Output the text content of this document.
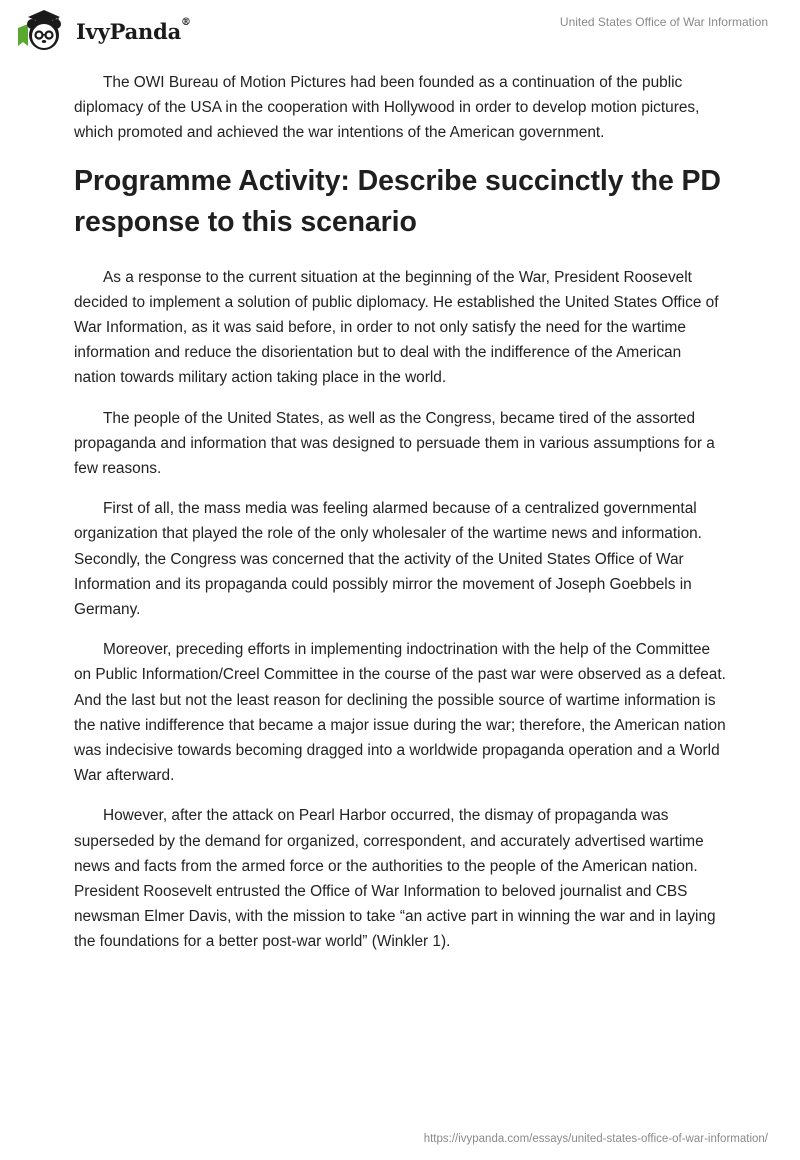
IvyPanda®	United States Office of War Information

The OWI Bureau of Motion Pictures had been founded as a continuation of the public diplomacy of the USA in the cooperation with Hollywood in order to develop motion pictures, which promoted and achieved the war intentions of the American government.

Programme Activity: Describe succinctly the PD response to this scenario

As a response to the current situation at the beginning of the War, President Roosevelt decided to implement a solution of public diplomacy. He established the United States Office of War Information, as it was said before, in order to not only satisfy the need for the wartime information and reduce the disorientation but to deal with the indifference of the American nation towards military action taking place in the world.

The people of the United States, as well as the Congress, became tired of the assorted propaganda and information that was designed to persuade them in various assumptions for a few reasons.

First of all, the mass media was feeling alarmed because of a centralized governmental organization that played the role of the only wholesaler of the wartime news and information. Secondly, the Congress was concerned that the activity of the United States Office of War Information and its propaganda could possibly mirror the movement of Joseph Goebbels in Germany.

Moreover, preceding efforts in implementing indoctrination with the help of the Committee on Public Information/Creel Committee in the course of the past war were observed as a defeat. And the last but not the least reason for declining the possible source of wartime information is the native indifference that became a major issue during the war; therefore, the American nation was indecisive towards becoming dragged into a worldwide propaganda operation and a World War afterward.

However, after the attack on Pearl Harbor occurred, the dismay of propaganda was superseded by the demand for organized, correspondent, and accurately advertised wartime news and facts from the armed force or the authorities to the people of the American nation. President Roosevelt entrusted the Office of War Information to beloved journalist and CBS newsman Elmer Davis, with the mission to take “an active part in winning the war and in laying the foundations for a better post-war world” (Winkler 1).

https://ivypanda.com/essays/united-states-office-of-war-information/
